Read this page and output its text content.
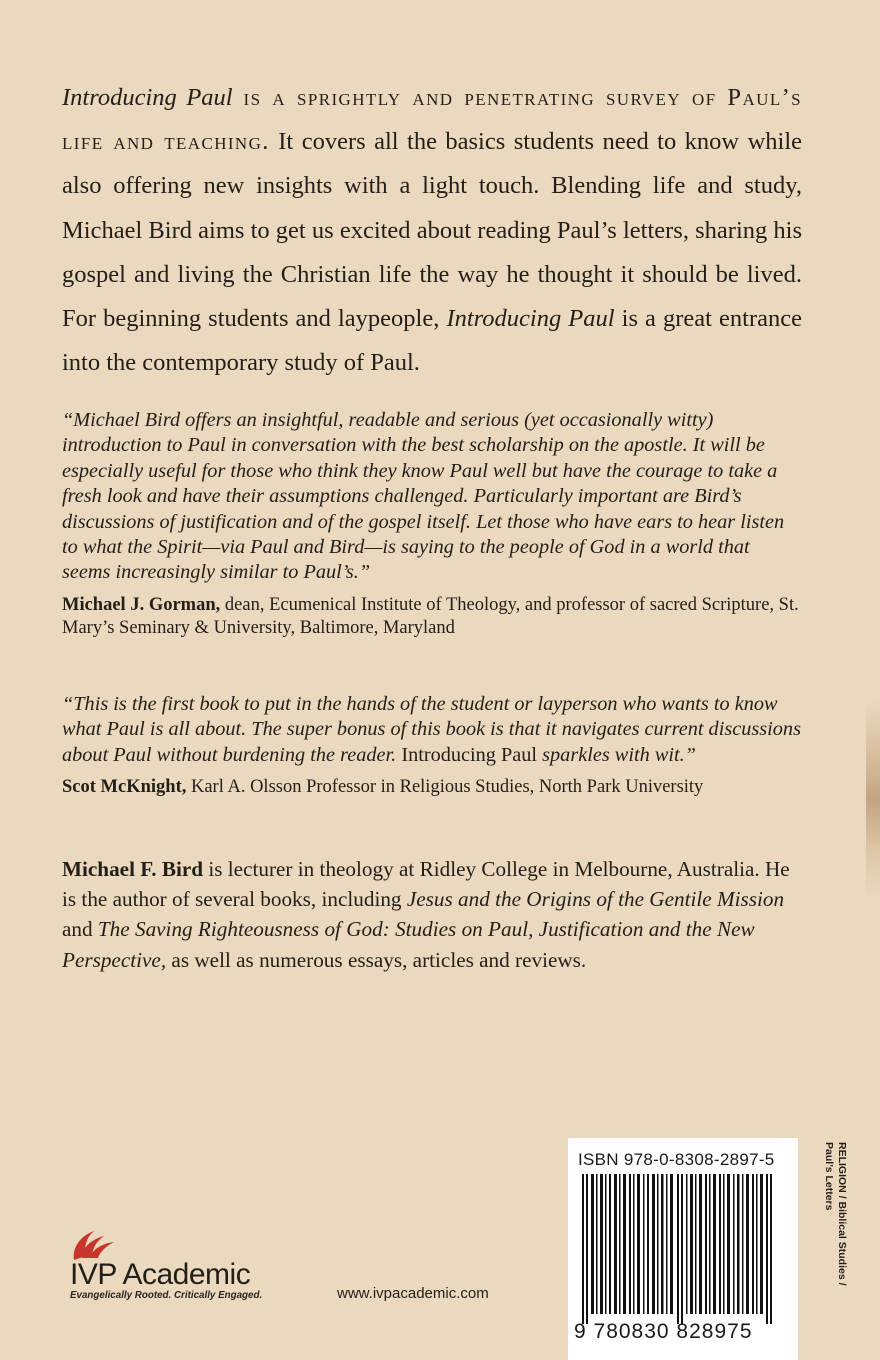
Introducing Paul is a sprightly and penetrating survey of Paul’s life and teaching. It covers all the basics students need to know while also offering new insights with a light touch. Blending life and study, Michael Bird aims to get us excited about reading Paul’s letters, sharing his gospel and living the Christian life the way he thought it should be lived. For beginning students and laypeople, Introducing Paul is a great entrance into the contemporary study of Paul.

“Michael Bird offers an insightful, readable and serious (yet occasionally witty) introduction to Paul in conversation with the best scholarship on the apostle. It will be especially useful for those who think they know Paul well but have the courage to take a fresh look and have their assumptions challenged. Particularly important are Bird’s discussions of justification and of the gospel itself. Let those who have ears to hear listen to what the Spirit—via Paul and Bird—is saying to the people of God in a world that seems increasingly similar to Paul’s.”

Michael J. Gorman, dean, Ecumenical Institute of Theology, and professor of sacred Scripture, St. Mary’s Seminary & University, Baltimore, Maryland

“This is the first book to put in the hands of the student or layperson who wants to know what Paul is all about. The super bonus of this book is that it navigates current discussions about Paul without burdening the reader. Introducing Paul sparkles with wit.”

Scot McKnight, Karl A. Olsson Professor in Religious Studies, North Park University

Michael F. Bird is lecturer in theology at Ridley College in Melbourne, Australia. He is the author of several books, including Jesus and the Origins of the Gentile Mission and The Saving Righteousness of God: Studies on Paul, Justification and the New Perspective, as well as numerous essays, articles and reviews.
IVP Academic
Evangelically Rooted. Critically Engaged.	www.ivpacademic.com
ISBN 978-0-8308-2897-5
9 780830 828975
RELIGION / Biblical Studies /
Paul’s Letters
